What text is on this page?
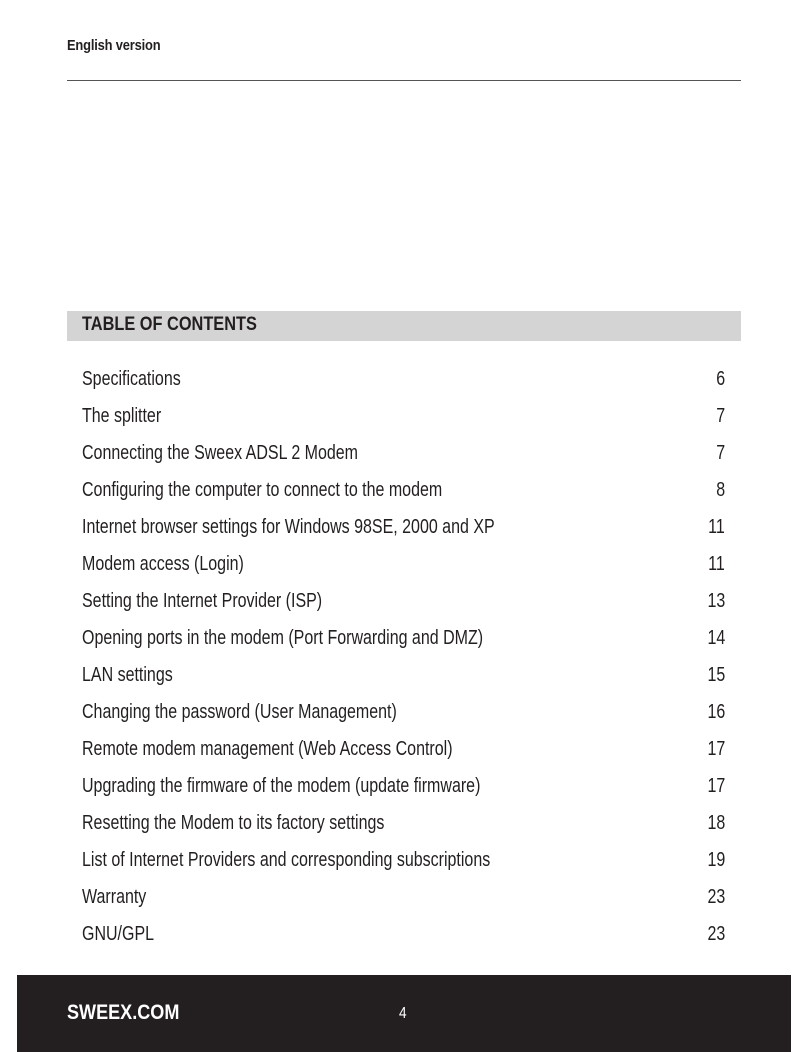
English version
TABLE OF CONTENTS
Specifications	6
The splitter	7
Connecting the Sweex ADSL 2 Modem	7
Configuring the computer to connect to the modem	8
Internet browser settings for Windows 98SE, 2000 and XP	11
Modem access (Login)	11
Setting the Internet Provider (ISP)	13
Opening ports in the modem (Port Forwarding and DMZ)	14
LAN settings	15
Changing the password (User Management)	16
Remote modem management (Web Access Control)	17
Upgrading the firmware of the modem (update firmware)	17
Resetting the Modem to its factory settings	18
List of Internet Providers and corresponding subscriptions	19
Warranty	23
GNU/GPL	23
SWEEX.COM	4
